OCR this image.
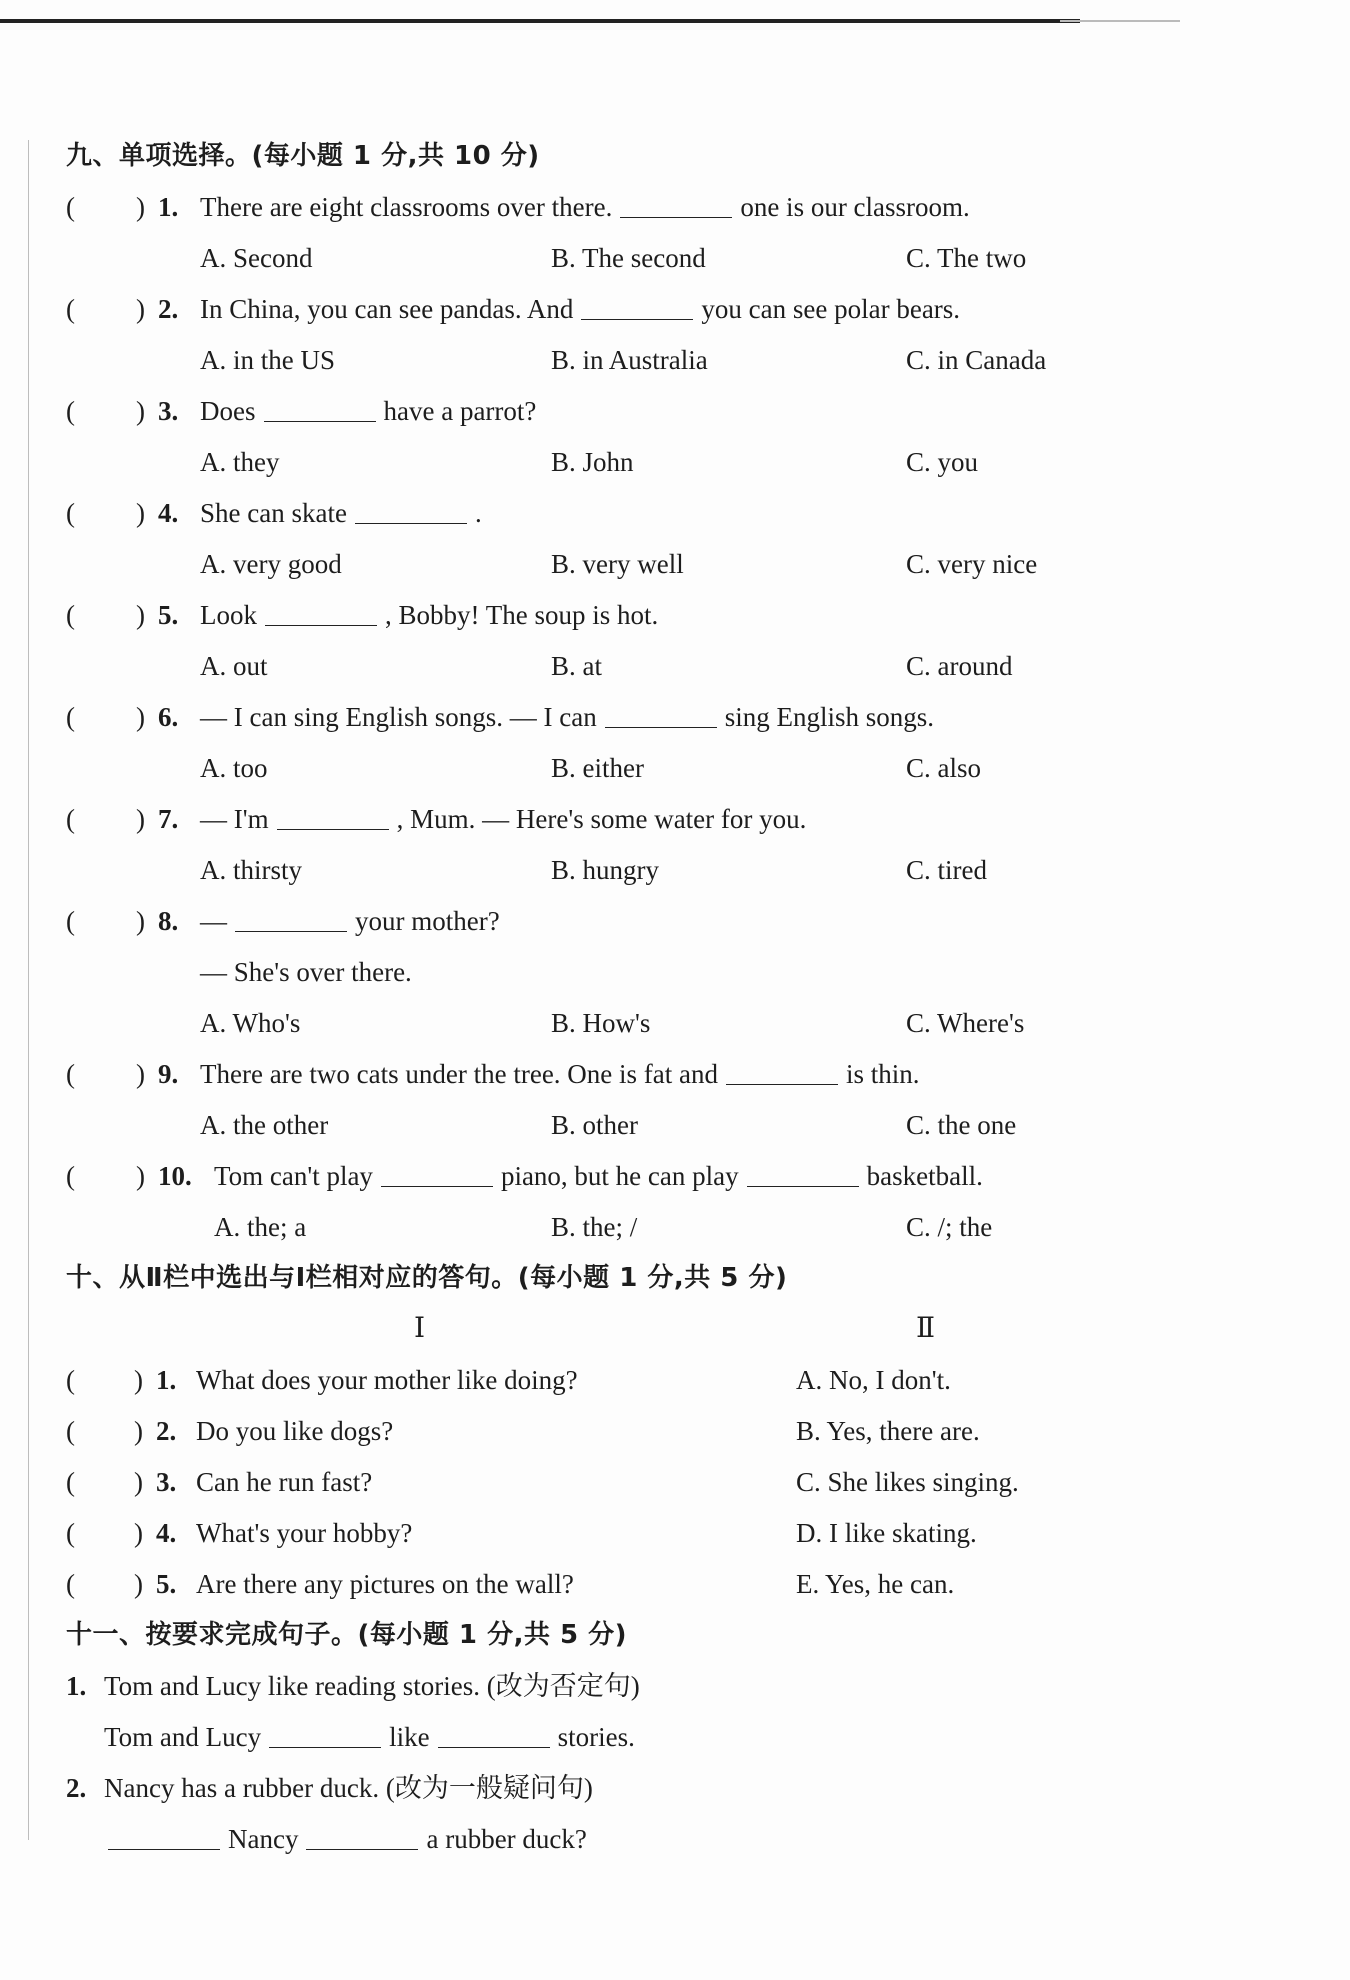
九、单项选择。(每小题 1 分,共 10 分)
( ) 1. There are eight classrooms over there.	one is our classroom.
A. Second	B. The second	C. The two
( ) 2. In China, you can see pandas. And	you can see polar bears.
A. in the US	B. in Australia	C. in Canada
( ) 3. Does	have a parrot?
A. they	B. John	C. you
( ) 4. She can skate	.
A. very good	B. very well	C. very nice
( ) 5. Look	, Bobby! The soup is hot.
A. out	B. at	C. around
( ) 6. — I can sing English songs. — I can	sing English songs.
A. too	B. either	C. also
( ) 7. — I'm	, Mum. — Here's some water for you.
A. thirsty	B. hungry	C. tired
( ) 8. —	your mother?
— She's over there.
A. Who's	B. How's	C. Where's
( ) 9. There are two cats under the tree. One is fat and	is thin.
A. the other	B. other	C. the one
( ) 10. Tom can't play	piano, but he can play	basketball.
A. the; a	B. the; /	C. /; the
十、从Ⅱ栏中选出与Ⅰ栏相对应的答句。(每小题 1 分,共 5 分)
Ⅰ	Ⅱ
( ) 1. What does your mother like doing?	A. No, I don't.
( ) 2. Do you like dogs?	B. Yes, there are.
( ) 3. Can he run fast?	C. She likes singing.
( ) 4. What's your hobby?	D. I like skating.
( ) 5. Are there any pictures on the wall?	E. Yes, he can.
十一、按要求完成句子。(每小题 1 分,共 5 分)
1. Tom and Lucy like reading stories. (改为否定句)
Tom and Lucy	like	stories.
2. Nancy has a rubber duck. (改为一般疑问句)
Nancy	a rubber duck?
